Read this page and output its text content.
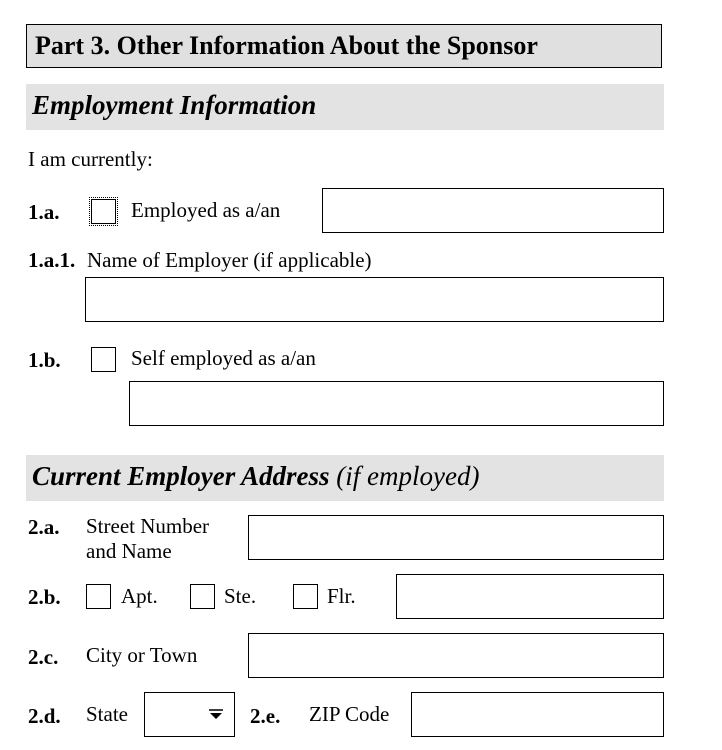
Part 3. Other Information About the Sponsor
Employment Information
I am currently:
1.a.	Employed as a/an
1.a.1. Name of Employer (if applicable)
1.b.	Self employed as a/an
Current Employer Address (if employed)
2.a. Street Number
and Name
2.b.	Apt.	Ste.	Flr.
2.c. City or Town
2.d. State	2.e. ZIP Code
